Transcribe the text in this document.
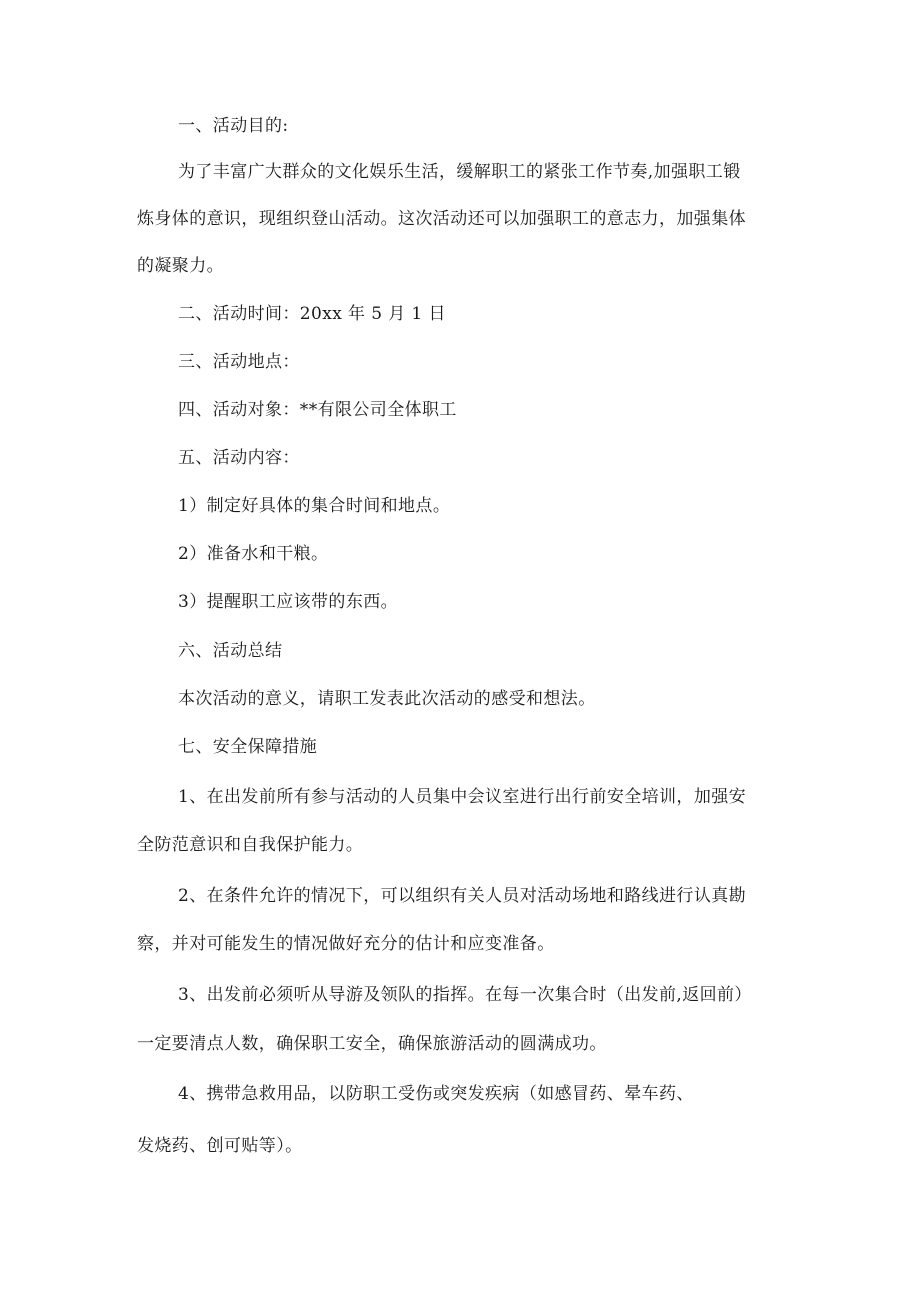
一、活动目的:
为了丰富广大群众的文化娱乐生活，缓解职工的紧张工作节奏,加强职工锻
炼身体的意识，现组织登山活动。这次活动还可以加强职工的意志力，加强集体
的凝聚力。
二、活动时间：20xx 年 5 月 1 日
三、活动地点：
四、活动对象：**有限公司全体职工
五、活动内容：
1）制定好具体的集合时间和地点。
2）准备水和干粮。
3）提醒职工应该带的东西。
六、活动总结
本次活动的意义，请职工发表此次活动的感受和想法。
七、安全保障措施
1、在出发前所有参与活动的人员集中会议室进行出行前安全培训，加强安
全防范意识和自我保护能力。
2、在条件允许的情况下，可以组织有关人员对活动场地和路线进行认真勘
察，并对可能发生的情况做好充分的估计和应变准备。
3、出发前必须听从导游及领队的指挥。在每一次集合时（出发前,返回前）
一定要清点人数，确保职工安全，确保旅游活动的圆满成功。
4、携带急救用品，以防职工受伤或突发疾病（如感冒药、晕车药、
发烧药、创可贴等）。
